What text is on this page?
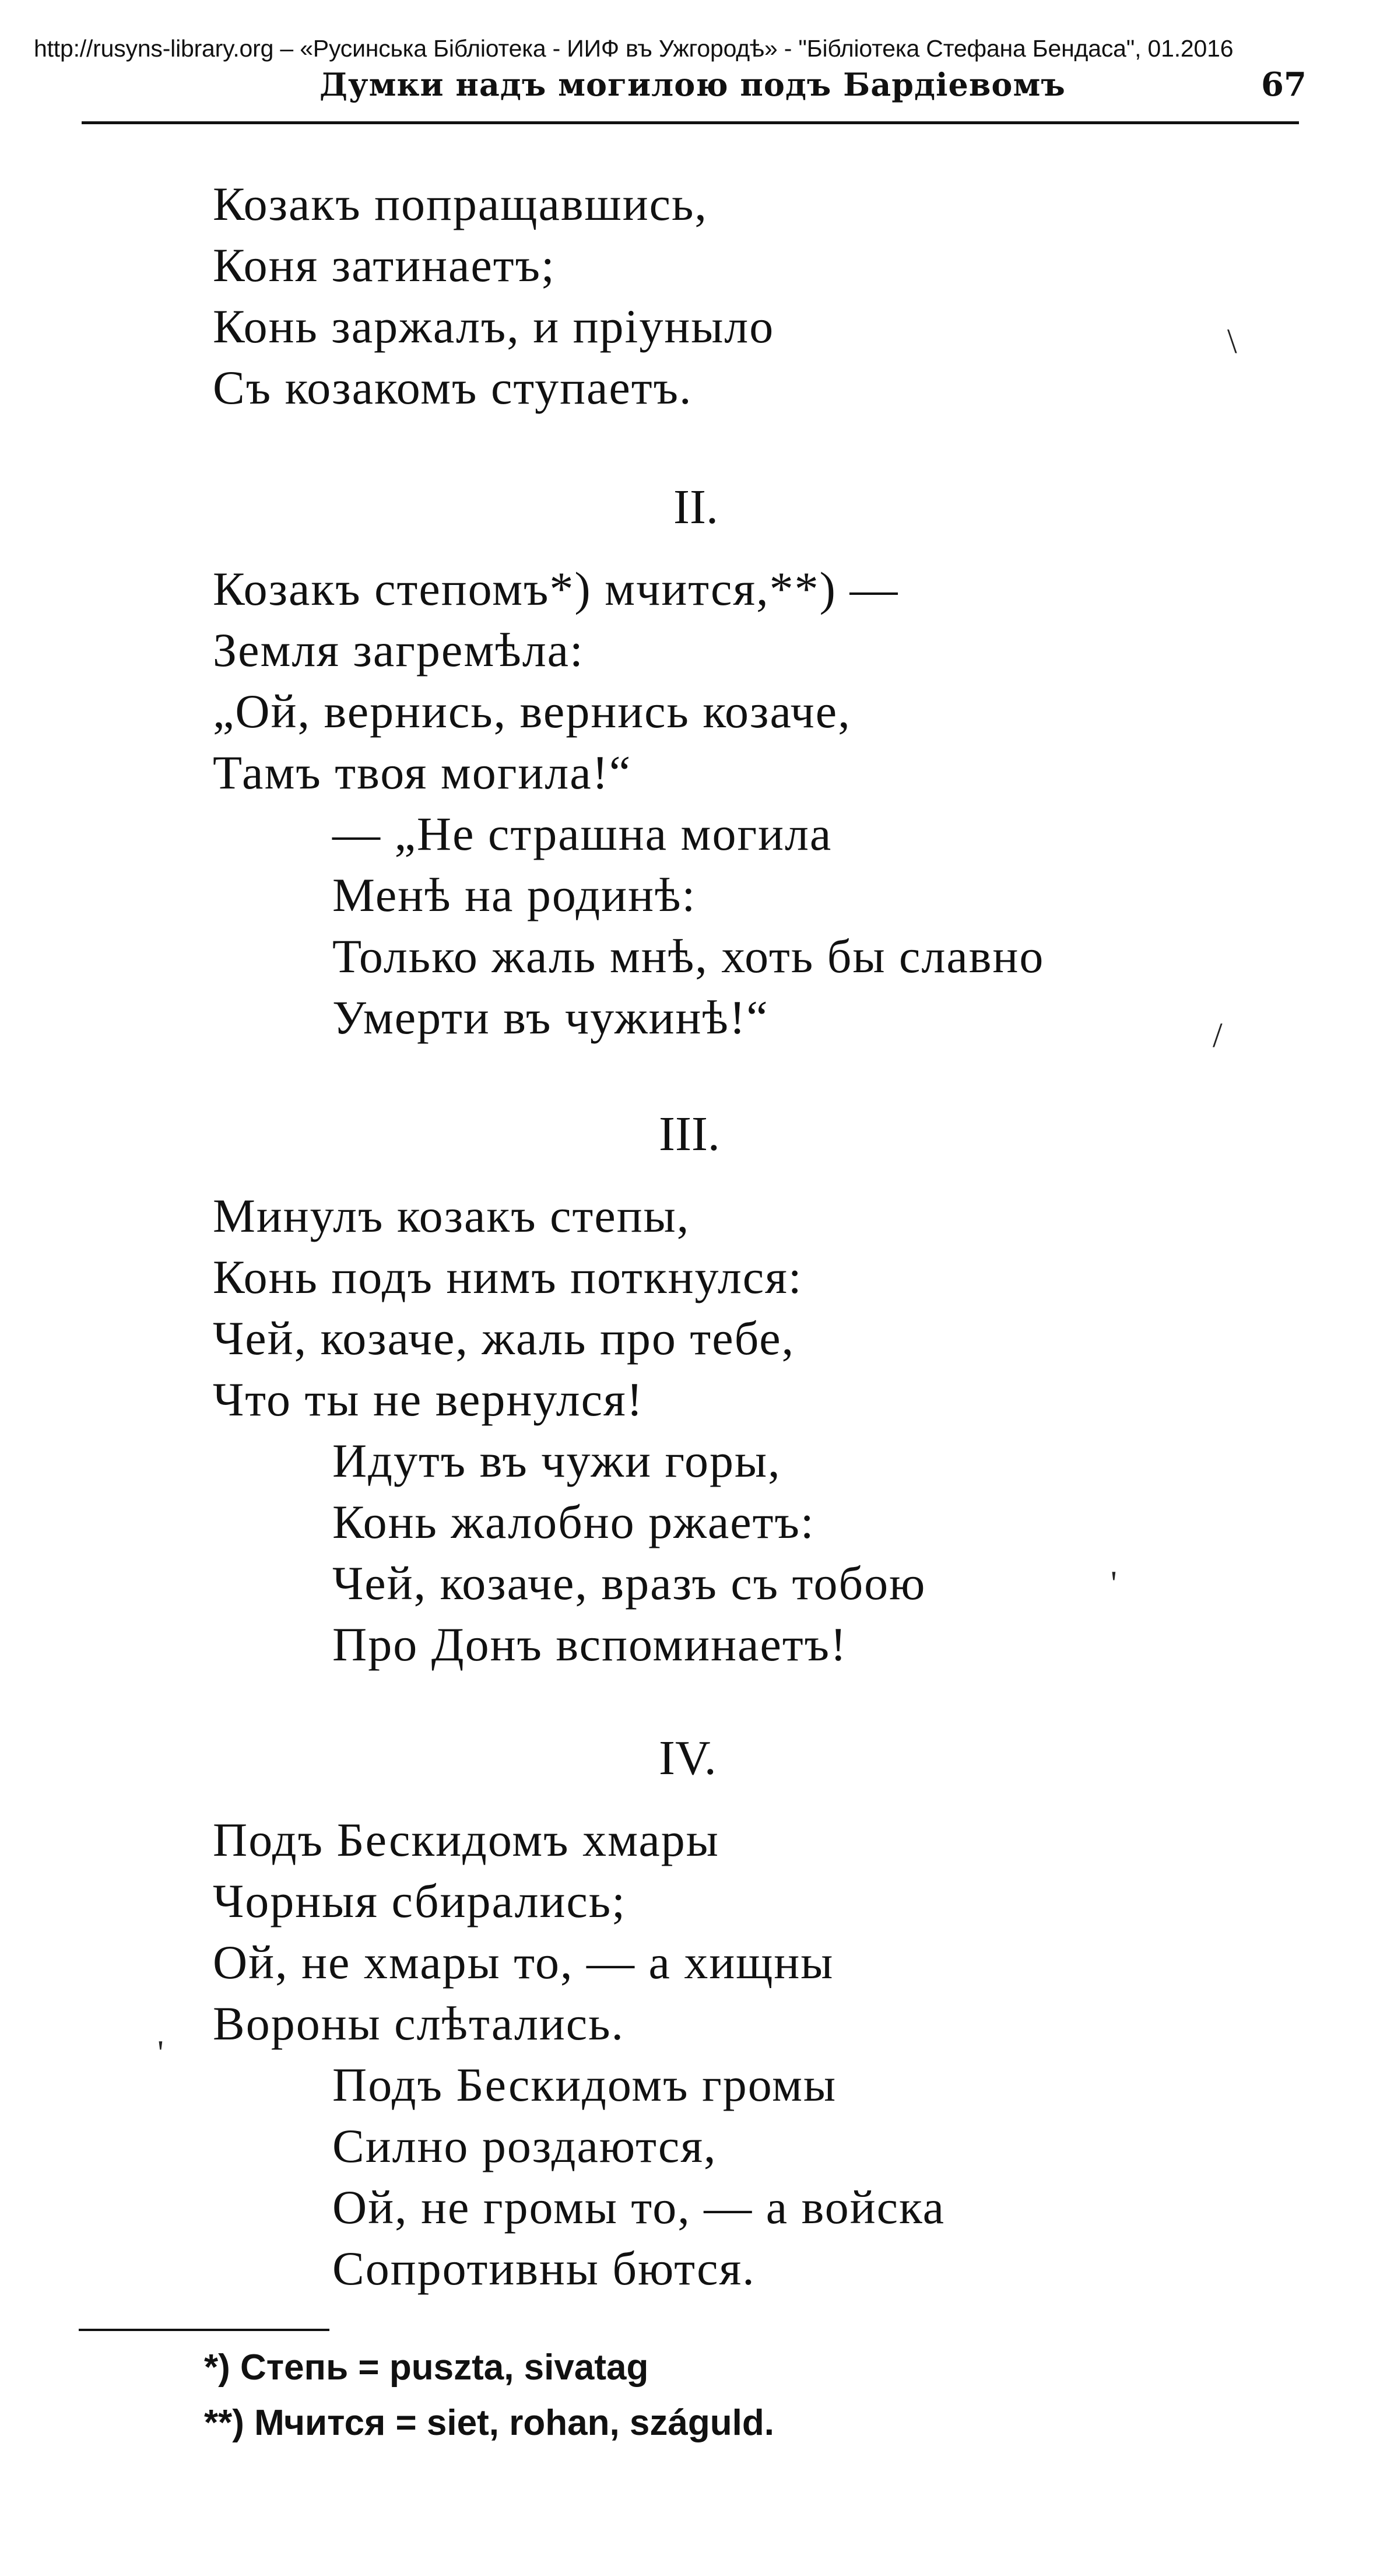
http://rusyns-library.org – «Русинська Бібліотека - ИИФ въ Ужгородѣ» - "Бібліотека Стефана Бендаса", 01.2016
Думки надъ могилою подъ Бардіевомъ	67
Козакъ попращавшись,
Коня затинаетъ;
Конь заржалъ, и пріуныло
Съ козакомъ ступаетъ.
II.
Козакъ степомъ*) мчится,**) —
Земля загремѣла:
„Ой, вернись, вернись козаче,
Тамъ твоя могила!“
— „Не страшна могила
Менѣ на родинѣ:
Только жаль мнѣ, хоть бы славно
Умерти въ чужинѣ!“
III.
Минулъ козакъ степы,
Конь подъ нимъ поткнулся:
Чей, козаче, жаль про тебе,
Что ты не вернулся!
Идутъ въ чужи горы,
Конь жалобно ржаетъ:
Чей, козаче, вразъ съ тобою
Про Донъ вспоминаетъ!
IV.
Подъ Бескидомъ хмары
Чорныя сбирались;
Ой, не хмары то, — а хищны
Вороны слѣтались.
Подъ Бескидомъ громы
Силно роздаются,
Ой, не громы то, — а войска
Сопротивны бются.
\
/
'
'
*) Степь = puszta, sivatag
**) Мчится = siet, rohan, száguld.
